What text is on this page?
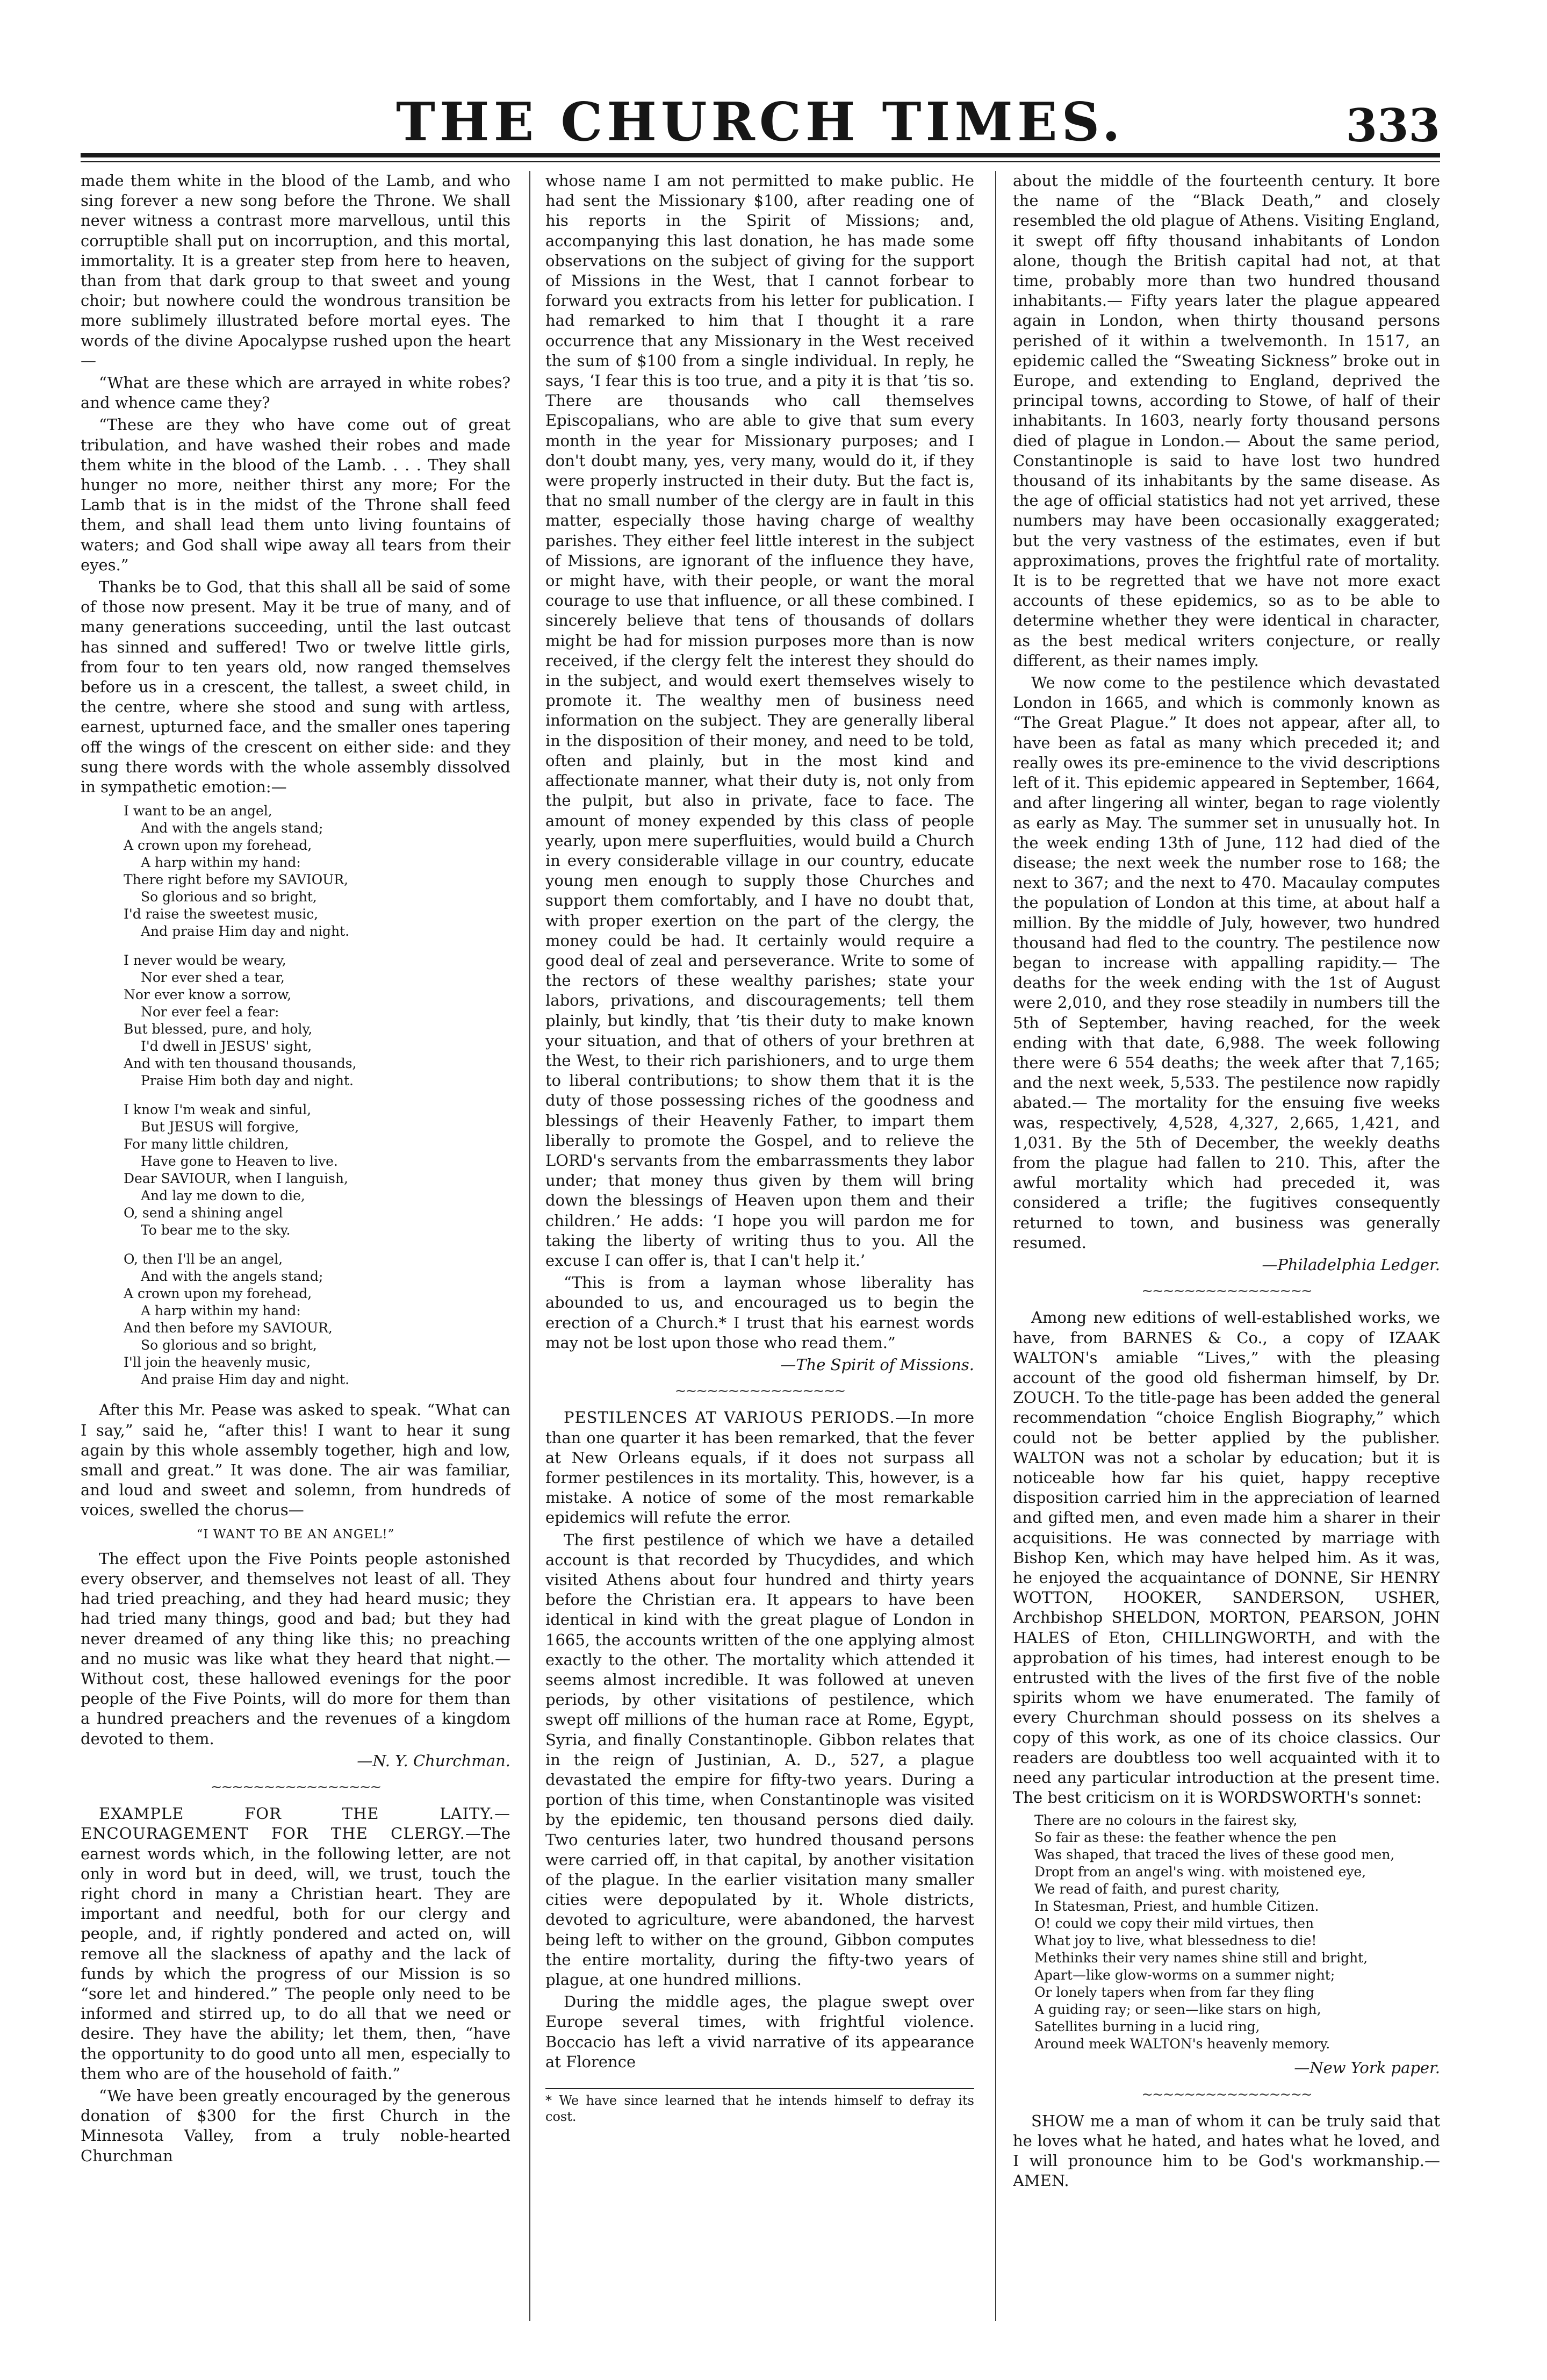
THE CHURCH TIMES.	333

made them white in the blood of the Lamb, and who sing forever a new song before the Throne. We shall never witness a contrast more marvellous, until this corruptible shall put on incorruption, and this mortal, immortality. It is a greater step from here to heaven, than from that dark group to that sweet and young choir; but nowhere could the wondrous transition be more sublimely illustrated before mortal eyes. The words of the divine Apocalypse rushed upon the heart—

“What are these which are arrayed in white robes? and whence came they?

“These are they who have come out of great tribulation, and have washed their robes and made them white in the blood of the Lamb. . . . They shall hunger no more, neither thirst any more; For the Lamb that is in the midst of the Throne shall feed them, and shall lead them unto living fountains of waters; and God shall wipe away all tears from their eyes.”

Thanks be to God, that this shall all be said of some of those now present. May it be true of many, and of many generations succeeding, until the last outcast has sinned and suffered! Two or twelve little girls, from four to ten years old, now ranged themselves before us in a crescent, the tallest, a sweet child, in the centre, where she stood and sung with artless, earnest, upturned face, and the smaller ones tapering off the wings of the crescent on either side: and they sung there words with the whole assembly dissolved in sympathetic emotion:—

I want to be an angel,
And with the angels stand;
A crown upon my forehead,
A harp within my hand:
There right before my SAVIOUR,
So glorious and so bright,
I'd raise the sweetest music,
And praise Him day and night.
I never would be weary,
Nor ever shed a tear,
Nor ever know a sorrow,
Nor ever feel a fear:
But blessed, pure, and holy,
I'd dwell in JESUS' sight,
And with ten thousand thousands,
Praise Him both day and night.
I know I'm weak and sinful,
But JESUS will forgive,
For many little children,
Have gone to Heaven to live.
Dear SAVIOUR, when I languish,
And lay me down to die,
O, send a shining angel
To bear me to the sky.
O, then I'll be an angel,
And with the angels stand;
A crown upon my forehead,
A harp within my hand:
And then before my SAVIOUR,
So glorious and so bright,
I'll join the heavenly music,
And praise Him day and night.

After this Mr. Pease was asked to speak. “What can I say,” said he, “after this! I want to hear it sung again by this whole assembly together, high and low, small and great.” It was done. The air was familiar, and loud and sweet and solemn, from hundreds of voices, swelled the chorus—

“I WANT TO BE AN ANGEL!”

The effect upon the Five Points people astonished every observer, and themselves not least of all. They had tried preaching, and they had heard music; they had tried many things, good and bad; but they had never dreamed of any thing like this; no preaching and no music was like what they heard that night.— Without cost, these hallowed evenings for the poor people of the Five Points, will do more for them than a hundred preachers and the revenues of a kingdom devoted to them.

—N. Y. Churchman.

~~~~~~~~~~~~~~~~

EXAMPLE FOR THE LAITY.—ENCOURAGEMENT FOR THE CLERGY.—The earnest words which, in the following letter, are not only in word but in deed, will, we trust, touch the right chord in many a Christian heart. They are important and needful, both for our clergy and people, and, if rightly pondered and acted on, will remove all the slackness of apathy and the lack of funds by which the progress of our Mission is so “sore let and hindered.” The people only need to be informed and stirred up, to do all that we need or desire. They have the ability; let them, then, “have the opportunity to do good unto all men, especially to them who are of the household of faith.”

“We have been greatly encouraged by the generous donation of $300 for the first Church in the Minnesota Valley, from a truly noble-hearted Churchman

whose name I am not permitted to make public. He had sent the Missionary $100, after reading one of his reports in the Spirit of Missions; and, accompanying this last donation, he has made some observations on the subject of giving for the support of Missions in the West, that I cannot forbear to forward you extracts from his letter for publication. I had remarked to him that I thought it a rare occurrence that any Missionary in the West received the sum of $100 from a single individual. In reply, he says, ‘I fear this is too true, and a pity it is that ’tis so. There are thousands who call themselves Episcopalians, who are able to give that sum every month in the year for Missionary purposes; and I don't doubt many, yes, very many, would do it, if they were properly instructed in their duty. But the fact is, that no small number of the clergy are in fault in this matter, especially those having charge of wealthy parishes. They either feel little interest in the subject of Missions, are ignorant of the influence they have, or might have, with their people, or want the moral courage to use that influence, or all these combined. I sincerely believe that tens of thousands of dollars might be had for mission purposes more than is now received, if the clergy felt the interest they should do in the subject, and would exert themselves wisely to promote it. The wealthy men of business need information on the subject. They are generally liberal in the disposition of their money, and need to be told, often and plainly, but in the most kind and affectionate manner, what their duty is, not only from the pulpit, but also in private, face to face. The amount of money expended by this class of people yearly, upon mere superfluities, would build a Church in every considerable village in our country, educate young men enough to supply those Churches and support them comfortably, and I have no doubt that, with proper exertion on the part of the clergy, the money could be had. It certainly would require a good deal of zeal and perseverance. Write to some of the rectors of these wealthy parishes; state your labors, privations, and discouragements; tell them plainly, but kindly, that ’tis their duty to make known your situation, and that of others of your brethren at the West, to their rich parishioners, and to urge them to liberal contributions; to show them that it is the duty of those possessing riches of the goodness and blessings of their Heavenly Father, to impart them liberally to promote the Gospel, and to relieve the LORD's servants from the embarrassments they labor under; that money thus given by them will bring down the blessings of Heaven upon them and their children.’ He adds: ‘I hope you will pardon me for taking the liberty of writing thus to you. All the excuse I can offer is, that I can't help it.’

“This is from a layman whose liberality has abounded to us, and encouraged us to begin the erection of a Church.* I trust that his earnest words may not be lost upon those who read them.”

—The Spirit of Missions.

~~~~~~~~~~~~~~~~

PESTILENCES AT VARIOUS PERIODS.—In more than one quarter it has been remarked, that the fever at New Orleans equals, if it does not surpass all former pestilences in its mortality. This, however, is a mistake. A notice of some of the most remarkable epidemics will refute the error.

The first pestilence of which we have a detailed account is that recorded by Thucydides, and which visited Athens about four hundred and thirty years before the Christian era. It appears to have been identical in kind with the great plague of London in 1665, the accounts written of the one applying almost exactly to the other. The mortality which attended it seems almost incredible. It was followed at uneven periods, by other visitations of pestilence, which swept off millions of the human race at Rome, Egypt, Syria, and finally Constantinople. Gibbon relates that in the reign of Justinian, A. D., 527, a plague devastated the empire for fifty-two years. During a portion of this time, when Constantinople was visited by the epidemic, ten thousand persons died daily. Two centuries later, two hundred thousand persons were carried off, in that capital, by another visitation of the plague. In the earlier visitation many smaller cities were depopulated by it. Whole districts, devoted to agriculture, were abandoned, the harvest being left to wither on the ground, Gibbon computes the entire mortality, during the fifty-two years of plague, at one hundred millions.

During the middle ages, the plague swept over Europe several times, with frightful violence. Boccacio has left a vivid narrative of its appearance at Florence

* We have since learned that he intends himself to defray its cost.

about the middle of the fourteenth century. It bore the name of the “Black Death,” and closely resembled the old plague of Athens. Visiting England, it swept off fifty thousand inhabitants of London alone, though the British capital had not, at that time, probably more than two hundred thousand inhabitants.— Fifty years later the plague appeared again in London, when thirty thousand persons perished of it within a twelvemonth. In 1517, an epidemic called the “Sweating Sickness” broke out in Europe, and extending to England, deprived the principal towns, according to Stowe, of half of their inhabitants. In 1603, nearly forty thousand persons died of plague in London.— About the same period, Constantinople is said to have lost two hundred thousand of its inhabitants by the same disease. As the age of official statistics had not yet arrived, these numbers may have been occasionally exaggerated; but the very vastness of the estimates, even if but approximations, proves the frightful rate of mortality. It is to be regretted that we have not more exact accounts of these epidemics, so as to be able to determine whether they were identical in character, as the best medical writers conjecture, or really different, as their names imply.

We now come to the pestilence which devastated London in 1665, and which is commonly known as “The Great Plague.” It does not appear, after all, to have been as fatal as many which preceded it; and really owes its pre-eminence to the vivid descriptions left of it. This epidemic appeared in September, 1664, and after lingering all winter, began to rage violently as early as May. The summer set in unusually hot. In the week ending 13th of June, 112 had died of the disease; the next week the number rose to 168; the next to 367; and the next to 470. Macaulay computes the population of London at this time, at about half a million. By the middle of July, however, two hundred thousand had fled to the country. The pestilence now began to increase with appalling rapidity.— The deaths for the week ending with the 1st of August were 2,010, and they rose steadily in numbers till the 5th of September, having reached, for the week ending with that date, 6,988. The week following there were 6 554 deaths; the week after that 7,165; and the next week, 5,533. The pestilence now rapidly abated.— The mortality for the ensuing five weeks was, respectively, 4,528, 4,327, 2,665, 1,421, and 1,031. By the 5th of December, the weekly deaths from the plague had fallen to 210. This, after the awful mortality which had preceded it, was considered a trifle; the fugitives consequently returned to town, and business was generally resumed.

—Philadelphia Ledger.

~~~~~~~~~~~~~~~~

Among new editions of well-established works, we have, from BARNES & Co., a copy of IZAAK WALTON's amiable “Lives,” with the pleasing account of the good old fisherman himself, by Dr. ZOUCH. To the title-page has been added the general recommendation “choice English Biography,” which could not be better applied by the publisher. WALTON was not a scholar by education; but it is noticeable how far his quiet, happy receptive disposition carried him in the appreciation of learned and gifted men, and even made him a sharer in their acquisitions. He was connected by marriage with Bishop Ken, which may have helped him. As it was, he enjoyed the acquaintance of DONNE, Sir HENRY WOTTON, HOOKER, SANDERSON, USHER, Archbishop SHELDON, MORTON, PEARSON, JOHN HALES of Eton, CHILLINGWORTH, and with the approbation of his times, had interest enough to be entrusted with the lives of the first five of the noble spirits whom we have enumerated. The family of every Churchman should possess on its shelves a copy of this work, as one of its choice classics. Our readers are doubtless too well acquainted with it to need any particular introduction at the present time. The best criticism on it is WORDSWORTH's sonnet:

There are no colours in the fairest sky,
So fair as these: the feather whence the pen
Was shaped, that traced the lives of these good men,
Dropt from an angel's wing. with moistened eye,
We read of faith, and purest charity,
In Statesman, Priest, and humble Citizen.
O! could we copy their mild virtues, then
What joy to live, what blessedness to die!
Methinks their very names shine still and bright,
Apart—like glow-worms on a summer night;
Or lonely tapers when from far they fling
A guiding ray; or seen—like stars on high,
Satellites burning in a lucid ring,
Around meek WALTON's heavenly memory.

—New York paper.

~~~~~~~~~~~~~~~~

SHOW me a man of whom it can be truly said that he loves what he hated, and hates what he loved, and I will pronounce him to be God's workmanship.—AMEN.
